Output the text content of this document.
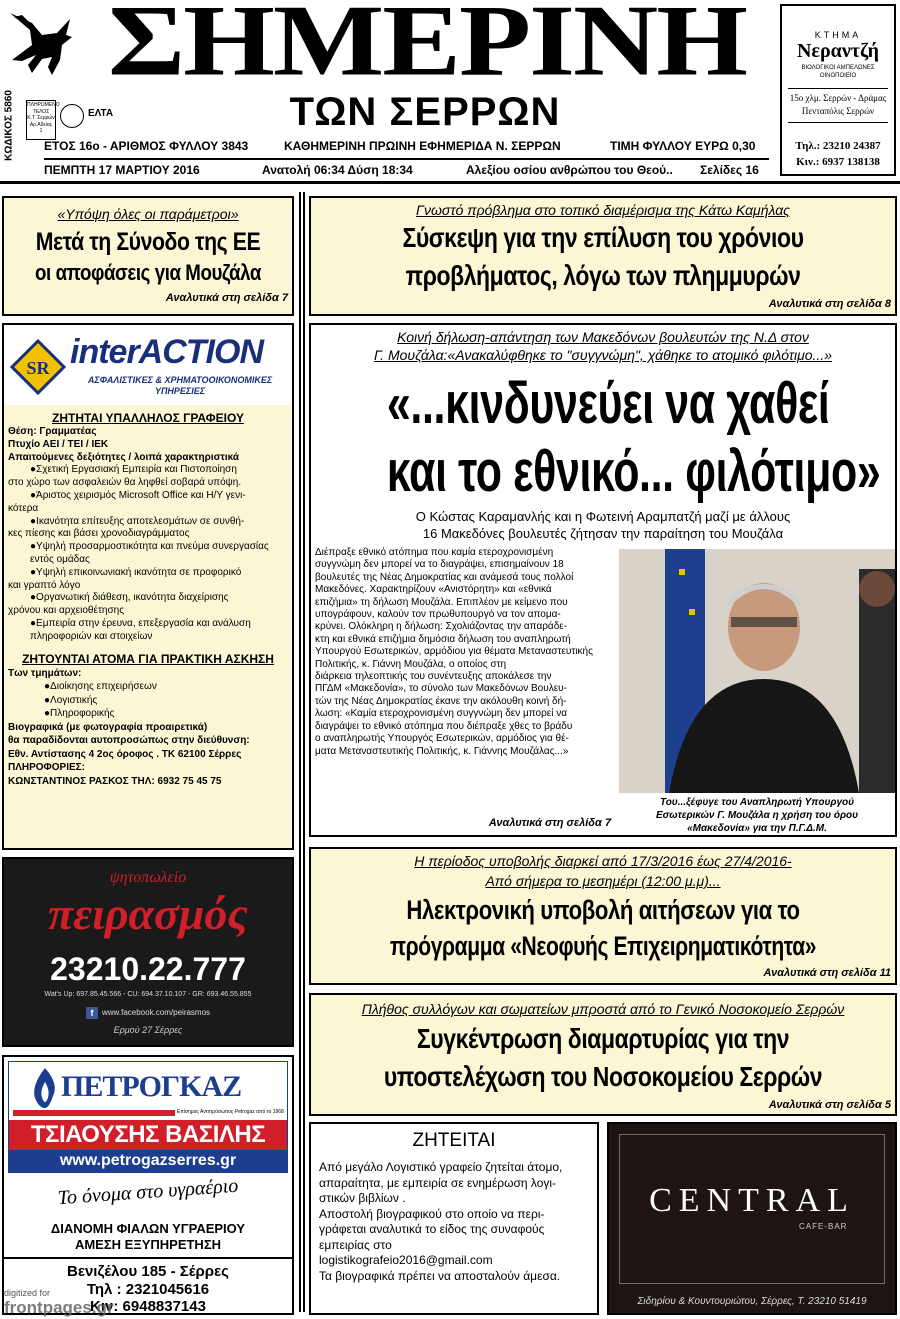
ΚΩΔΙΚΟΣ 5860
ΣΗΜΕΡΙΝΗ
ΤΩΝ ΣΕΡΡΩΝ
ΠΛΗΡΩΜΕΝΟ
ΤΕΛΟΣ
Κ.Τ. Σερρών
Αρ.Αδείας
1
ΕΛΤΑ
ΕΤΟΣ 16ο - ΑΡΙΘΜΟΣ ΦΥΛΛΟΥ 3843	ΚΑΘΗΜΕΡΙΝΗ ΠΡΩΙΝΗ ΕΦΗΜΕΡΙΔΑ Ν. ΣΕΡΡΩΝ	ΤΙΜΗ ΦΥΛΛΟΥ ΕΥΡΩ 0,30
ΠΕΜΠΤΗ 17 ΜΑΡΤΙΟΥ 2016	Ανατολή 06:34 Δύση 18:34	Αλεξίου οσίου ανθρώπου του Θεού.. Σελίδες 16
ΚΤΗΜΑ
Νεραντζή
ΒΙΟΛΟΓΙΚΟΙ ΑΜΠΕΛΩΝΕΣ ΟΙΝΟΠΟΙΕΙΟ
15ο χλμ. Σερρών - Δράμας
Πενταπόλις Σερρών
Τηλ.: 23210 24387
Κιν.: 6937 138138
«Υπόψη όλες οι παράμετροι»
Μετά τη Σύνοδο της ΕΕ
οι αποφάσεις για Μουζάλα
Αναλυτικά στη σελίδα 7
Γνωστό πρόβλημα στο τοπικό διαμέρισμα της Κάτω Καμήλας
Σύσκεψη για την επίλυση του χρόνιου
προβλήματος, λόγω των πλημμυρών
Αναλυτικά στη σελίδα 8
SR interACTION
ΑΣΦΑΛΙΣΤΙΚΕΣ & ΧΡΗΜΑΤΟΟΙΚΟΝΟΜΙΚΕΣ
ΥΠΗΡΕΣΙΕΣ
ΖΗΤΗΤΑΙ ΥΠΑΛΛΗΛΟΣ ΓΡΑΦΕΙΟΥ
Θέση: Γραμματέας
Πτυχίο ΑΕΙ / ΤΕΙ / ΙΕΚ
Απαιτούμενες δεξιότητες / λοιπά χαρακτηριστικά
●Σχετική Εργασιακή Εμπειρία και Πιστοποίηση
στο χώρο των ασφαλειών θα ληφθεί σοβαρά υπόψη.
●Άριστος χειρισμός Microsoft Office και Η/Υ γενι-
κότερα
●Ικανότητα επίτευξης αποτελεσμάτων σε συνθή-
κες πίεσης και βάσει χρονοδιαγράμματος
●Υψηλή προσαρμοστικότητα και πνεύμα συνεργασίας εντός ομάδας
●Υψηλή επικοινωνιακή ικανότητα σε προφορικό
και γραπτό λόγο
●Οργανωτική διάθεση, ικανότητα διαχείρισης
χρόνου και αρχειοθέτησης
●Εμπειρία στην έρευνα, επεξεργασία και ανάλυση πληροφοριών και στοιχείων
ΖΗΤΟΥΝΤΑΙ ΑΤΟΜΑ ΓΙΑ ΠΡΑΚΤΙΚΗ ΑΣΚΗΣΗ
Των τμημάτων:
●Διοίκησης επιχειρήσεων
●Λογιστικής
●Πληροφορικής
Βιογραφικά (με φωτογραφία προαιρετικά)
θα παραδίδονται αυτοπροσώπως στην διεύθυνση:
Εθν. Αντίστασης 4 2ος όροφος . ΤΚ 62100 Σέρρες
ΠΛΗΡΟΦΟΡΙΕΣ:
ΚΩΝΣΤΑΝΤΙΝΟΣ ΡΑΣΚΟΣ ΤΗΛ: 6932 75 45 75
Κοινή δήλωση-απάντηση των Μακεδόνων βουλευτών της Ν.Δ στον
Γ. Μουζάλα:«Ανακαλύφθηκε το "συγγνώμη", χάθηκε το ατομικό φιλότιμο...»
«...κινδυνεύει να χαθεί
και το εθνικό... φιλότιμο»
Ο Κώστας Καραμανλής και η Φωτεινή Αραμπατζή μαζί με άλλους
16 Μακεδόνες βουλευτές ζήτησαν την παραίτηση του Μουζάλα
Διέπραξε εθνικό ατόπημα που καμία ετεροχρονισμένη
συγγνώμη δεν μπορεί να το διαγράψει, επισημαίνουν 18
βουλευτές της Νέας Δημοκρατίας και ανάμεσά τους πολλοί
Μακεδόνες. Χαρακτηρίζουν «Ανιστόρητη» και «εθνικά
επιζήμια» τη δήλωση Μουζάλα. Επιπλέον με κείμενο που
υπογράφουν, καλούν τον πρωθυπουργό να τον απομα-
κρύνει. Ολόκληρη η δήλωση: Σχολιάζοντας την απαράδε-
κτη και εθνικά επιζήμια δημόσια δήλωση του αναπληρωτή
Υπουργού Εσωτερικών, αρμόδιου για θέματα Μεταναστευτικής Πολιτικής, κ. Γιάννη Μουζάλα, ο οποίος στη
διάρκεια τηλεοπτικής του συνέντευξης αποκάλεσε την
ΠΓΔΜ «Μακεδονία», το σύνολο των Μακεδόνων Βουλευ-
τών της Νέας Δημοκρατίας έκανε την ακόλουθη κοινή δή-
λωση: «Καμία ετεροχρονισμένη συγγνώμη δεν μπορεί να
διαγράψει το εθνικό ατόπημα που διέπραξε χθες το βράδυ
ο αναπληρωτής Υπουργός Εσωτερικών, αρμόδιος για θέ-
ματα Μεταναστευτικής Πολιτικής, κ. Γιάννης Μουζάλας...»
Αναλυτικά στη σελίδα 7
Του...ξέφυγε του Αναπληρωτή Υπουργού
Εσωτερικών Γ. Μουζάλα η χρήση του όρου
«Μακεδονία» για την Π.Γ.Δ.Μ.
ψητοπωλείο
πειρασμός
23210.22.777
Wat's Up: 697.85.45.566 - CU: 694.37.10.107 - GR: 693.46.55.855
f	www.facebook.com/peirasmos
Ερμού 27 Σέρρες
Η περίοδος υποβολής διαρκεί από 17/3/2016 έως 27/4/2016-
Από σήμερα το μεσημέρι (12:00 μ.μ)...
Ηλεκτρονική υποβολή αιτήσεων για το
πρόγραμμα «Νεοφυής Επιχειρηματικότητα»
Αναλυτικά στη σελίδα 11
Πλήθος συλλόγων και σωματείων μπροστά από το Γενικό Νοσοκομείο Σερρών
Συγκέντρωση διαμαρτυρίας για την
υποστελέχωση του Νοσοκομείου Σερρών
Αναλυτικά στη σελίδα 5
ΠΕΤΡΟΓΚΑΖ
Επίσημος Αντιπρόσωπος Petrogaz από το 1968
ΤΣΙΑΟΥΣΗΣ ΒΑΣΙΛΗΣ
www.petrogazserres.gr
Το όνομα στο υγραέριο
ΔΙΑΝΟΜΗ ΦΙΑΛΩΝ ΥΓΡΑΕΡΙΟΥ
ΑΜΕΣΗ ΕΞΥΠΗΡΕΤΗΣΗ
Βενιζέλου 185 - Σέρρες
Τηλ : 2321045616
Κιν: 6948837143
ΖΗΤΕΙΤΑΙ
Από μεγάλο Λογιστικό γραφείο ζητείται άτομο,
απαραίτητα, με εμπειρία σε ενημέρωση λογι-
στικών βιβλίων .
Αποστολή βιογραφικού στο οποίο να περι-
γράφεται αναλυτικά το είδος της συναφούς
εμπειρίας στο
logistikografeio2016@gmail.com
Τα βιογραφικά πρέπει να αποσταλούν άμεσα.
CENTRAL
CAFE-BAR
Σιδηρίου & Κουντουριώτου, Σέρρες, Τ. 23210 51419
digitized for
frontpages.gr
